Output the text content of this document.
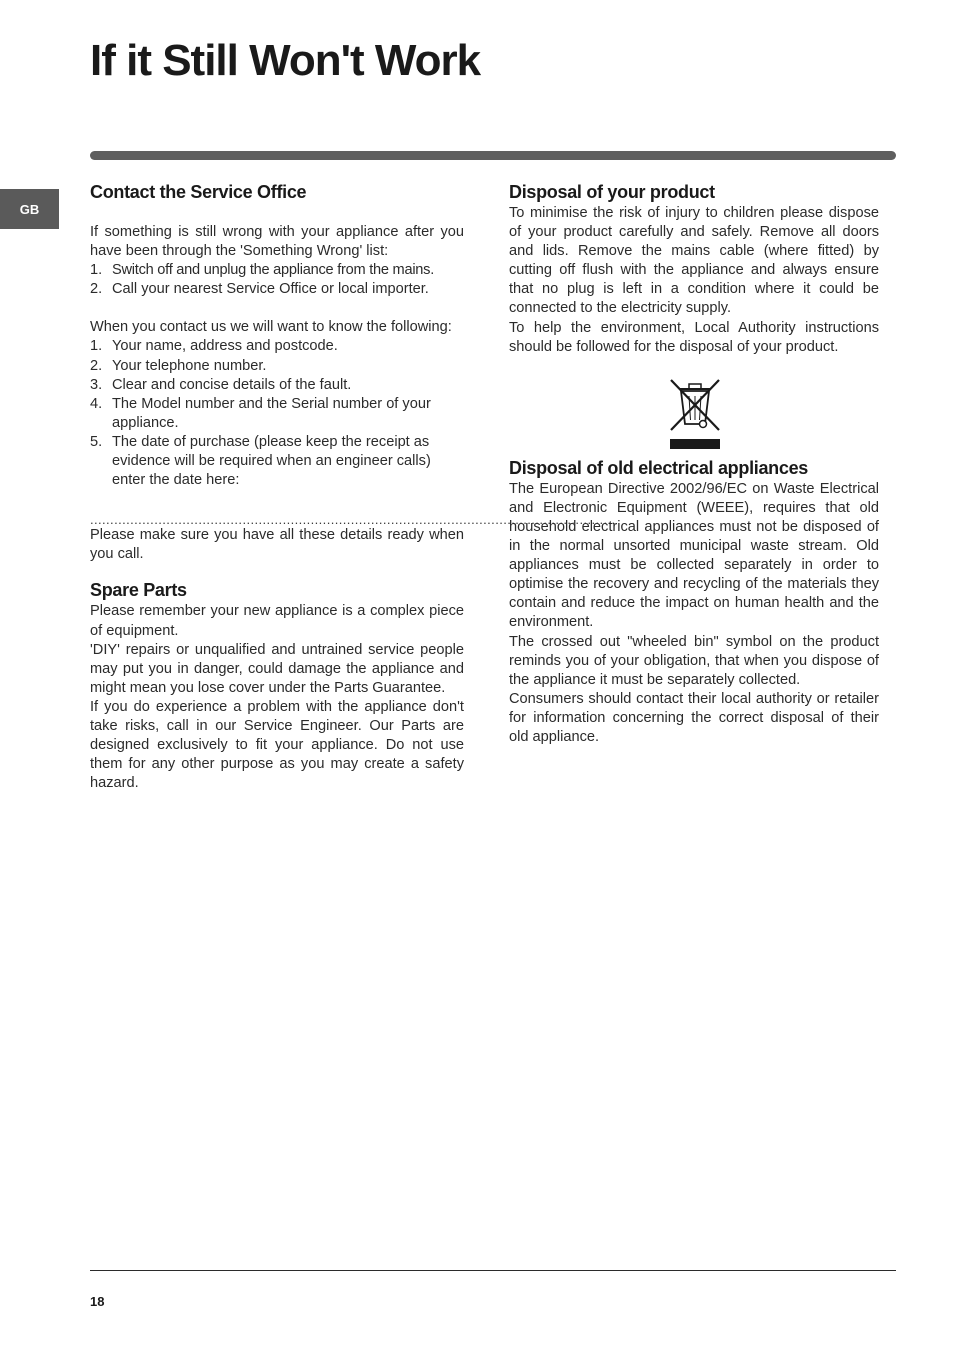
If it Still Won't Work
GB
Contact the Service Office

If something is still wrong with your appliance after you have been through the 'Something Wrong' list:

1. Switch off and unplug the appliance from the mains.
2. Call your nearest Service Office or local importer.

When you contact us we will want to know the following:

1. Your name, address and postcode.
2. Your telephone number.
3. Clear and concise details of the fault.
4. The Model number and the Serial number of your appliance.
5. The date of purchase (please keep the receipt as evidence will be required when an engineer calls) enter the date here:
...................................................................................................................................

Please make sure you have all these details ready when you call.

Spare Parts

Please remember your new appliance is a complex piece of equipment.

'DIY' repairs or unqualified and untrained service people may put you in danger, could damage the appliance and might mean you lose cover under the Parts Guarantee.

If you do experience a problem with the appliance don't take risks, call in our Service Engineer. Our Parts are designed exclusively to fit your appliance. Do not use them for any other purpose as you may create a safety hazard.

Disposal of your product

To minimise the risk of injury to children please dispose of your product carefully and safely. Remove all doors and lids. Remove the mains cable (where fitted) by cutting off flush with the appliance and always ensure that no plug is left in a condition where it could be connected to the electricity supply.

To help the environment, Local Authority instructions should be followed for the disposal of your product.

Disposal of old electrical appliances

The European Directive 2002/96/EC on Waste Electrical and Electronic Equipment (WEEE), requires that old household electrical appliances must not be disposed of in the normal unsorted municipal waste stream. Old appliances must be collected separately in order to optimise the recovery and recycling of the materials they contain and reduce the impact on human health and the environment.

The crossed out "wheeled bin" symbol on the product reminds you of your obligation, that when you dispose of the appliance it must be separately collected.

Consumers should contact their local authority or retailer for information concerning the correct disposal of their old appliance.

18
